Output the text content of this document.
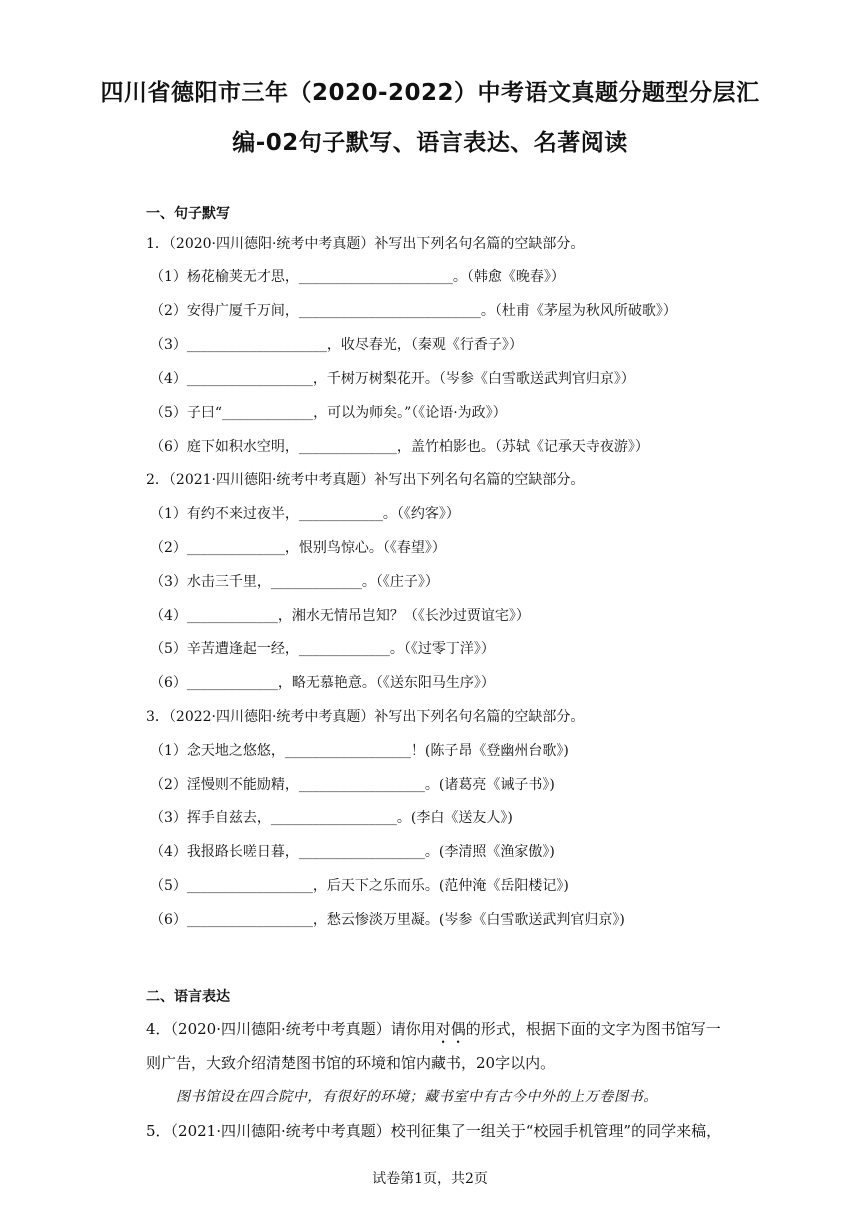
四川省德阳市三年（2020-2022）中考语文真题分题型分层汇
编-02句子默写、语言表达、名著阅读
一、句子默写
1．（2020·四川德阳·统考中考真题）补写出下列名句名篇的空缺部分。
（1）杨花榆荚无才思，______________________。（韩愈《晚春》）
（2）安得广厦千万间，__________________________。（杜甫《茅屋为秋风所破歌》）
（3）____________________，收尽春光，（秦观《行香子》）
（4）__________________，千树万树梨花开。（岑参《白雪歌送武判官归京》）
（5）子曰“_____________，可以为师矣。”（《论语·为政》）
（6）庭下如积水空明，______________，盖竹柏影也。（苏轼《记承天寺夜游》）
2．（2021·四川德阳·统考中考真题）补写出下列名句名篇的空缺部分。
（1）有约不来过夜半，____________。（《约客》）
（2）______________，恨别鸟惊心。（《春望》）
（3）水击三千里，_____________。（《庄子》）
（4）_____________，湘水无情吊岂知？（《长沙过贾谊宅》）
（5）辛苦遭逢起一经，_____________。（《过零丁洋》）
（6）_____________，略无慕艳意。（《送东阳马生序》）
3．（2022·四川德阳·统考中考真题）补写出下列名句名篇的空缺部分。
（1）念天地之悠悠，__________________！(陈子昂《登幽州台歌》)
（2）淫慢则不能励精，__________________。(诸葛亮《诫子书》)
（3）挥手自兹去，__________________。(李白《送友人》)
（4）我报路长嗟日暮，__________________。(李清照《渔家傲》)
（5）__________________，后天下之乐而乐。(范仲淹《岳阳楼记》)
（6）__________________，愁云惨淡万里凝。(岑参《白雪歌送武判官归京》)
二、语言表达
4．（2020·四川德阳·统考中考真题）请你用对偶的形式，根据下面的文字为图书馆写一
则广告，大致介绍清楚图书馆的环境和馆内藏书，20字以内。
图书馆设在四合院中，有很好的环境；藏书室中有古今中外的上万卷图书。
5．（2021·四川德阳·统考中考真题）校刊征集了一组关于“校园手机管理”的同学来稿，
试卷第1页，共2页
